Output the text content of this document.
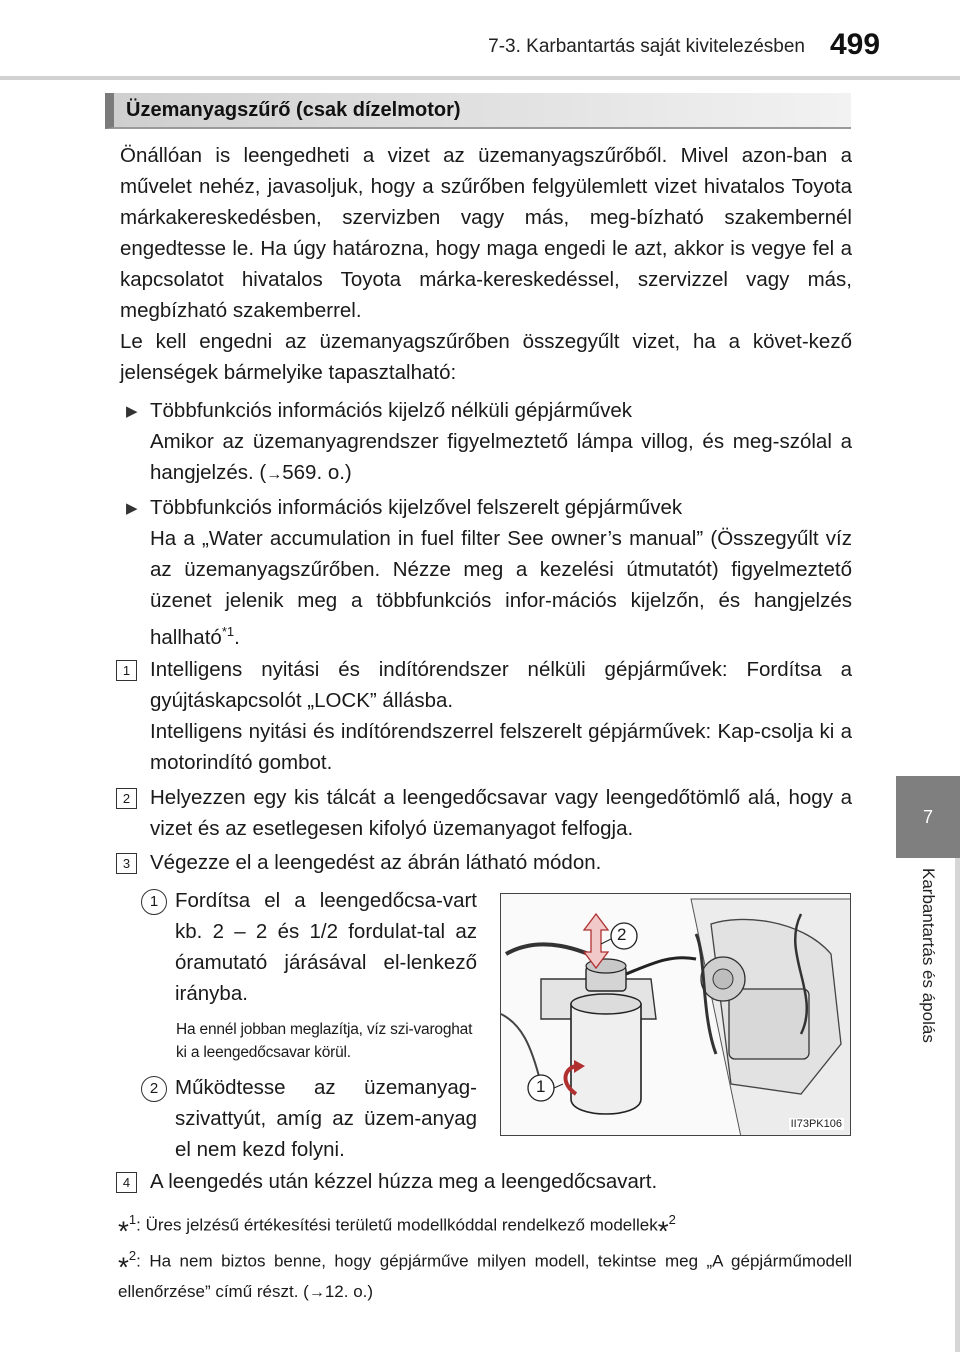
7-3. Karbantartás saját kivitelezésben 499
7
Karbantartás és ápolás
Üzemanyagszűrő (csak dízelmotor)

Önállóan is leengedheti a vizet az üzemanyagszűrőből. Mivel azon-ban a művelet nehéz, javasoljuk, hogy a szűrőben felgyülemlett vizet hivatalos Toyota márkakereskedésben, szervizben vagy más, meg-bízható szakembernél engedtesse le. Ha úgy határozna, hogy maga engedi le azt, akkor is vegye fel a kapcsolatot hivatalos Toyota márka-kereskedéssel, szervizzel vagy más, megbízható szakemberrel.

Le kell engedni az üzemanyagszűrőben összegyűlt vizet, ha a követ-kező jelenségek bármelyike tapasztalható:

▶ Többfunkciós információs kijelző nélküli gépjárművek
Amikor az üzemanyagrendszer figyelmeztető lámpa villog, és meg-szólal a hangjelzés. (→569. o.)

▶ Többfunkciós információs kijelzővel felszerelt gépjárművek
Ha a „Water accumulation in fuel filter See owner’s manual” (Összegyűlt víz az üzemanyagszűrőben. Nézze meg a kezelési útmutatót) figyelmeztető üzenet jelenik meg a többfunkciós infor-mációs kijelzőn, és hangjelzés hallható$^{*1}$.

1 Intelligens nyitási és indítórendszer nélküli gépjárművek: Fordítsa a gyújtáskapcsolót „LOCK” állásba.
Intelligens nyitási és indítórendszerrel felszerelt gépjárművek: Kap-csolja ki a motorindító gombot.

2 Helyezzen egy kis tálcát a leengedőcsavar vagy leengedőtömlő alá, hogy a vizet és az esetlegesen kifolyó üzemanyagot felfogja.

3 Végezze el a leengedést az ábrán látható módon.

1 Fordítsa el a leengedőcsa-vart kb. 2 – 2 és 1/2 fordulat-tal az óramutató járásával el-lenkező irányba.

Ha ennél jobban meglazítja, víz szi-varoghat ki a leengedőcsavar körül.

2 Működtesse az üzemanyag-szivattyút, amíg az üzem-anyag el nem kezd folyni.

2
1
II73PK106
4 A leengedés után kézzel húzza meg a leengedőcsavart.

*$^1$: Üres jelzésű értékesítési területű modellkóddal rendelkező modellek*$^2$

*$^2$: Ha nem biztos benne, hogy gépjárműve milyen modell, tekintse meg „A gépjárműmodell ellenőrzése” című részt. (→12. o.)
